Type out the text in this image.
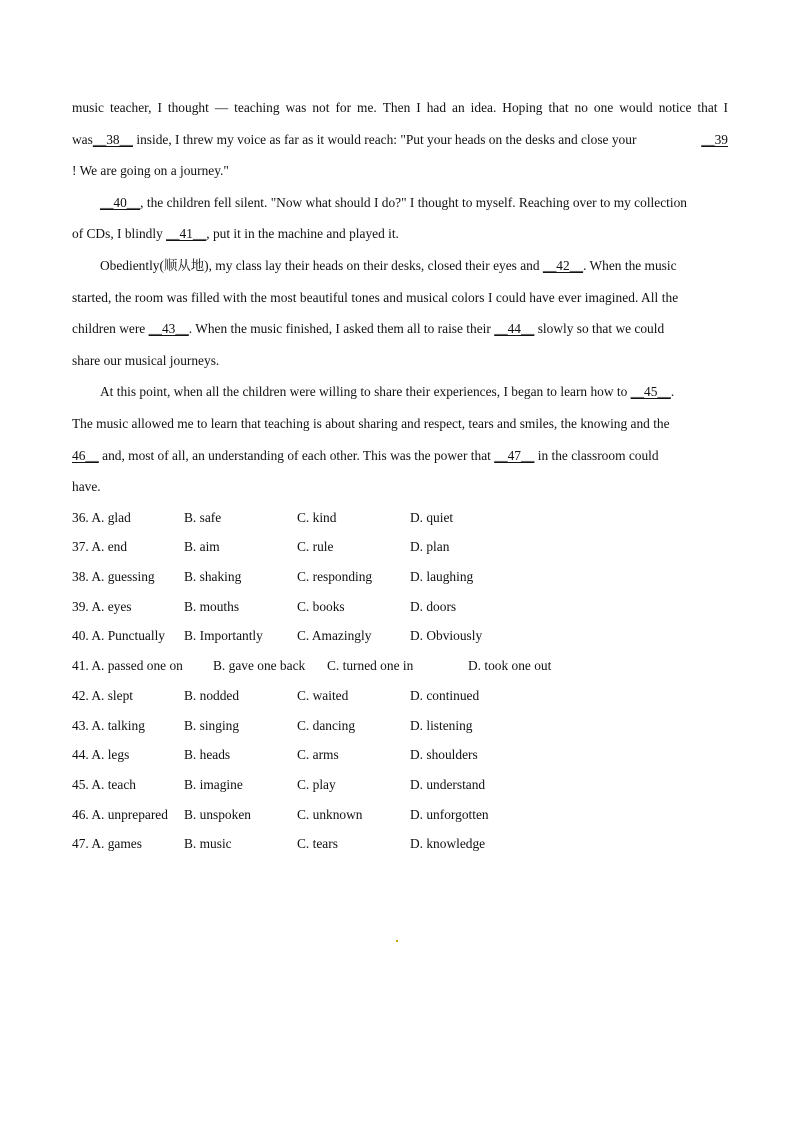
music teacher, I thought — teaching was not for me. Then I had an idea. Hoping that no one would notice that I
was __38__ inside, I threw my voice as far as it would reach: "Put your heads on the desks and close your	__39
! We are going on a journey."
__40__ , the children fell silent. "Now what should I do?" I thought to myself. Reaching over to my collection
of CDs, I blindly __41__ , put it in the machine and played it.
Obediently(顺从地), my class lay their heads on their desks, closed their eyes and __42__ . When the music
started, the room was filled with the most beautiful tones and musical colors I could have ever imagined. All the
children were __43__ . When the music finished, I asked them all to raise their __44__ slowly so that we could
share our musical journeys.
At this point, when all the children were willing to share their experiences, I began to learn how to __45__ .
The music allowed me to learn that teaching is about sharing and respect, tears and smiles, the knowing and the
46__ and, most of all, an understanding of each other. This was the power that __47__ in the classroom could
have.
36. A. glad	B. safe	C. kind	D. quiet
37. A. end	B. aim	C. rule	D. plan
38. A. guessing B. shaking	C. responding	D. laughing
39. A. eyes	B. mouths	C. books	D. doors
40. A. Punctually B. Importantly	C. Amazingly	D. Obviously
41. A. passed one on B. gave one back C. turned one in	D. took one out
42. A. slept	B. nodded	C. waited	D. continued
43. A. talking	B. singing	C. dancing	D. listening
44. A. legs	B. heads	C. arms	D. shoulders
45. A. teach	B. imagine	C. play	D. understand
46. A. unprepared B. unspoken	C. unknown	D. unforgotten
47. A. games	B. music	C. tears	D. knowledge
